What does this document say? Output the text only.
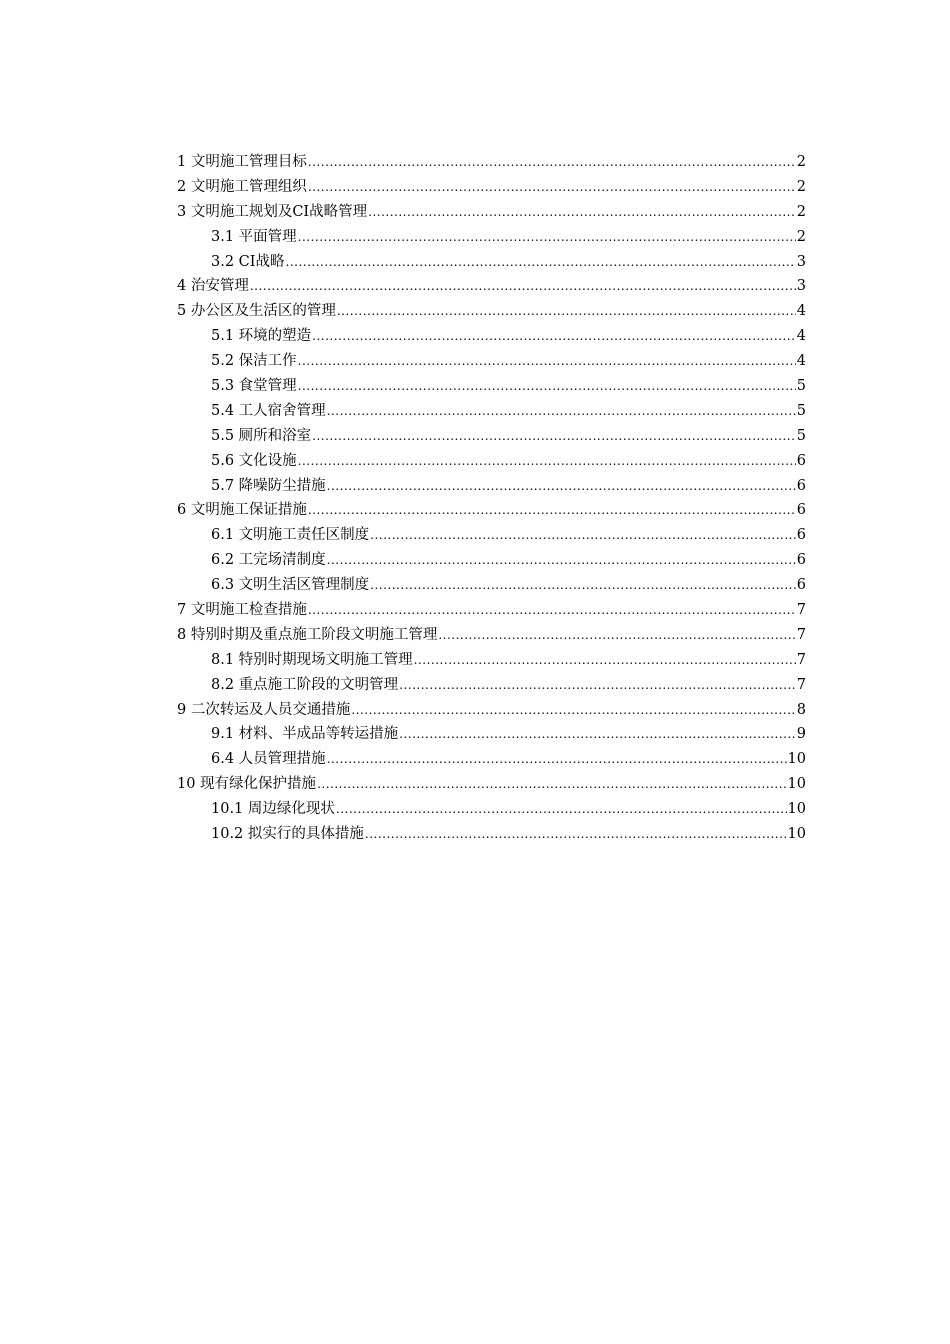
1 文明施工管理目标 .....	2
2 文明施工管理组织 .....	2
3 文明施工规划及CI战略管理 .....	2
3.1 平面管理 .....	2
3.2 CI战略 .....	3
4 治安管理 .....	3
5 办公区及生活区的管理 .....	4
5.1 环境的塑造 .....	4
5.2 保洁工作 .....	4
5.3 食堂管理 .....	5
5.4 工人宿舍管理 .....	5
5.5 厕所和浴室 .....	5
5.6 文化设施 .....	6
5.7 降噪防尘措施 .....	6
6 文明施工保证措施 .....	6
6.1 文明施工责任区制度 .....	6
6.2 工完场清制度 .....	6
6.3 文明生活区管理制度 .....	6
7 文明施工检查措施 .....	7
8 特别时期及重点施工阶段文明施工管理 .....	7
8.1 特别时期现场文明施工管理 .....	7
8.2 重点施工阶段的文明管理 .....	7
9 二次转运及人员交通措施 .....	8
9.1 材料、半成品等转运措施 .....	9
6.4 人员管理措施 .....	10
10 现有绿化保护措施 .....	10
10.1 周边绿化现状 .....	10
10.2 拟实行的具体措施 .....	10
